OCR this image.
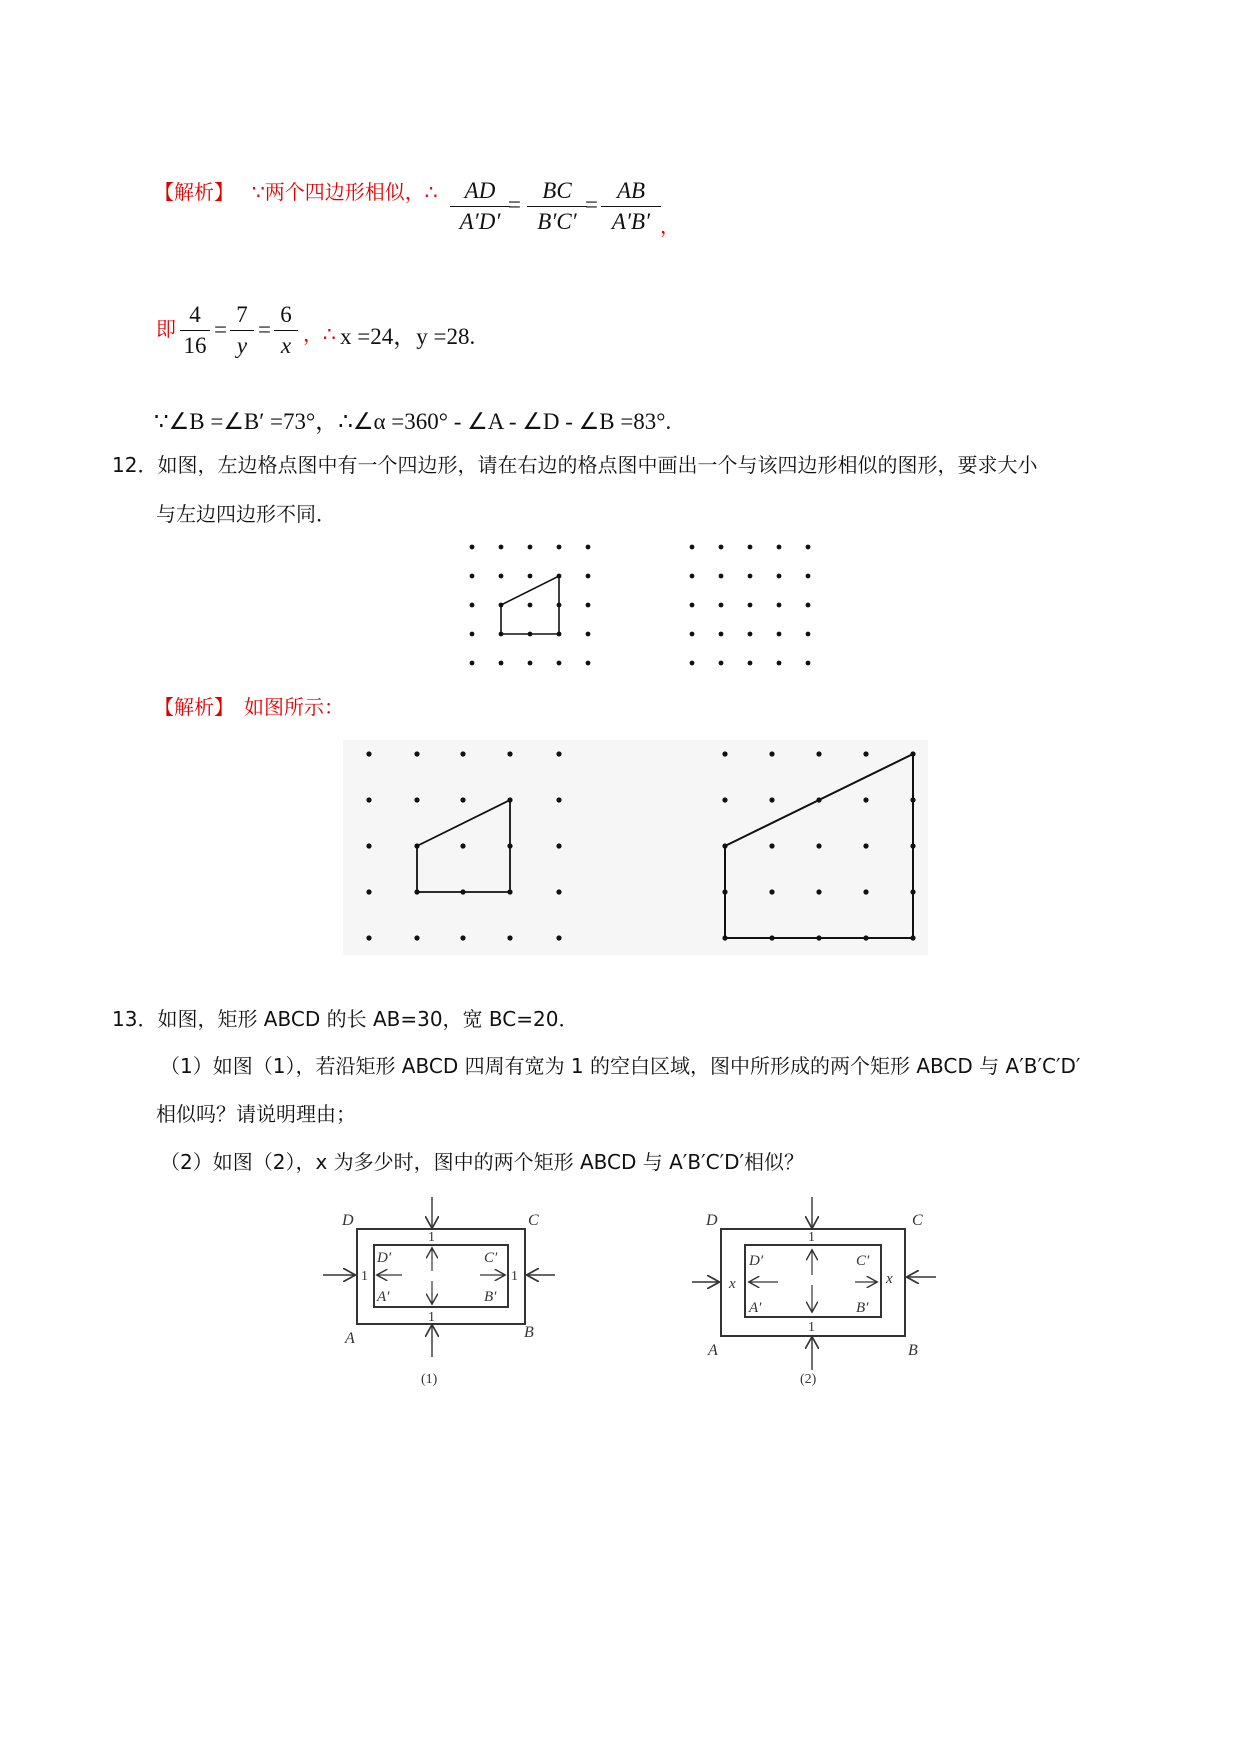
【解析】 ∵两个四边形相似，∴ AD
A′D′
=
BC
B′C′
=
AB
A′B′ ，
即
4
16
=
7
y
=
6
x ，∴ x =24，y =28.
∵∠B =∠B′ =73°，∴∠α =360° - ∠A - ∠D - ∠B =83°.
12．如图，左边格点图中有一个四边形，请在右边的格点图中画出一个与该四边形相似的图形，要求大小
与左边四边形不同．
【解析】 如图所示：
13．如图，矩形 ABCD 的长 AB=30，宽 BC=20．
（1）如图（1），若沿矩形 ABCD 四周有宽为 1 的空白区域，图中所形成的两个矩形 ABCD 与 A′B′C′D′
相似吗？请说明理由；
（2）如图（2），x 为多少时，图中的两个矩形 ABCD 与 A′B′C′D′相似？
D	C
A	B
D′	C′
A′	B′
1
1
1	1
(1)
D	C
A	B
D′	C′
A′	B′
x	x
1
1
(2)
